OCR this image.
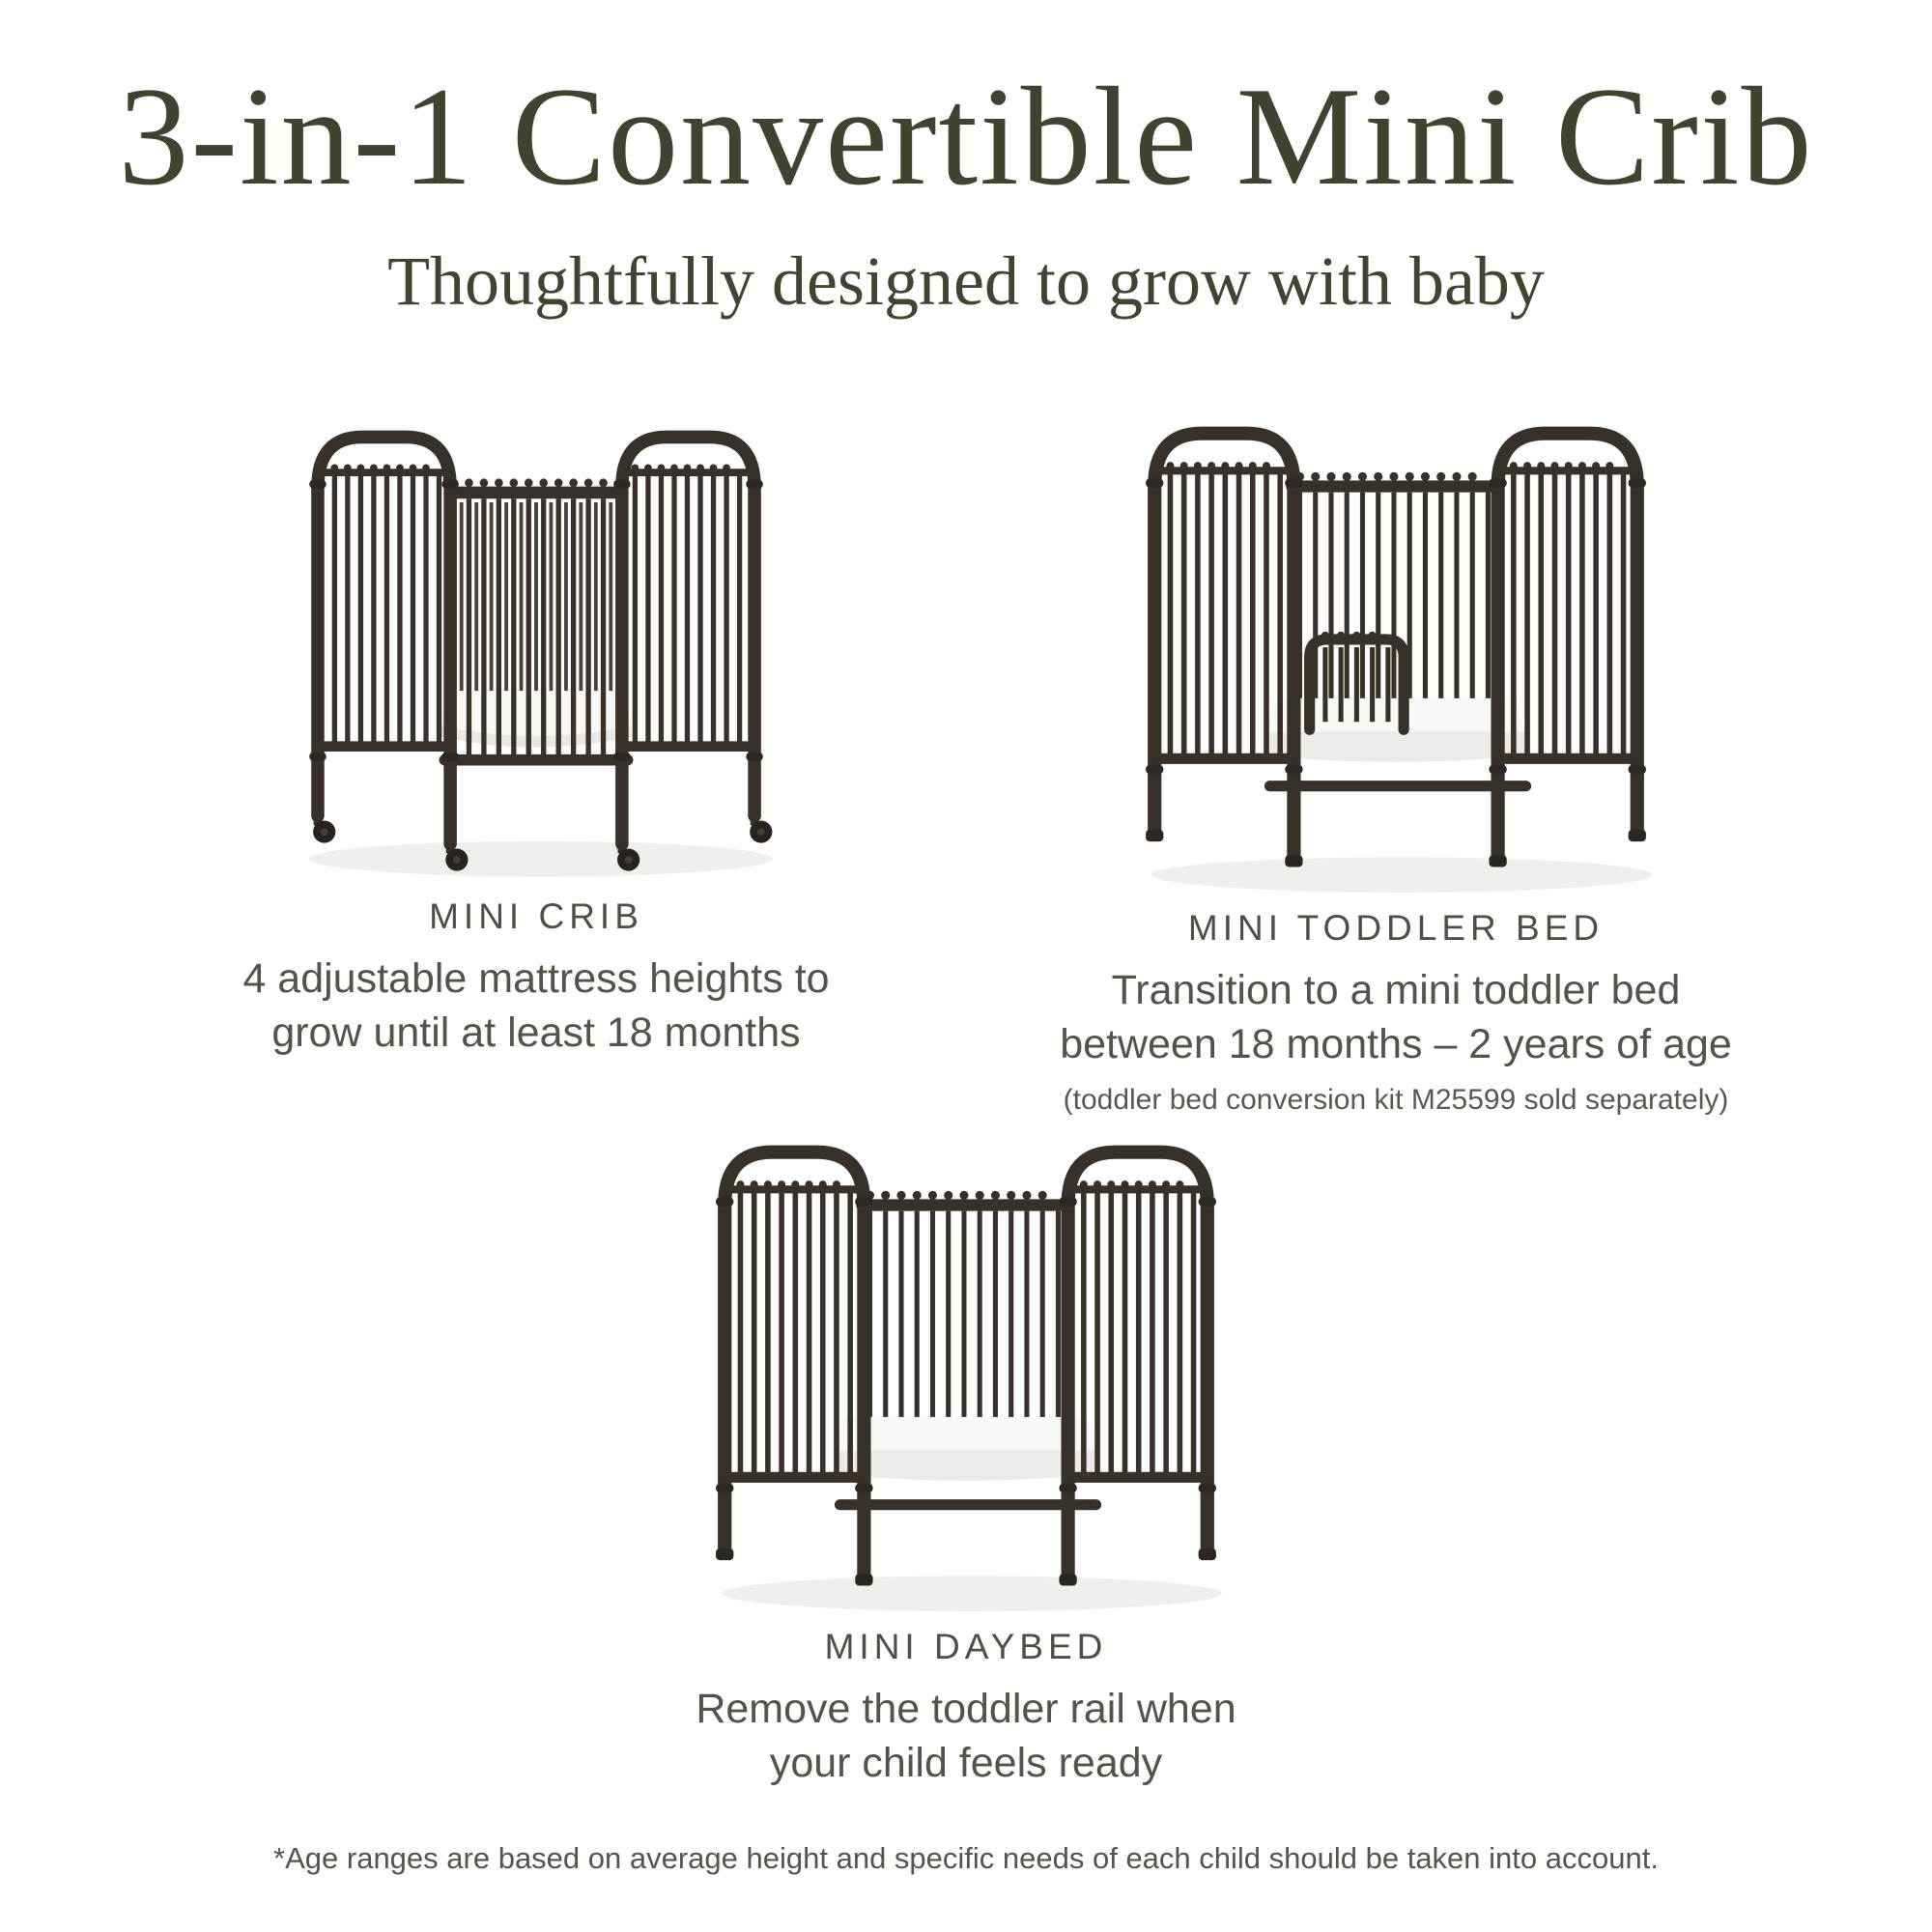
3-in-1 Convertible Mini Crib
Thoughtfully designed to grow with baby
MINI CRIB
4 adjustable mattress heights to
grow until at least 18 months
MINI TODDLER BED
Transition to a mini toddler bed
between 18 months – 2 years of age
(toddler bed conversion kit M25599 sold separately)
MINI DAYBED
Remove the toddler rail when
your child feels ready
*Age ranges are based on average height and specific needs of each child should be taken into account.
